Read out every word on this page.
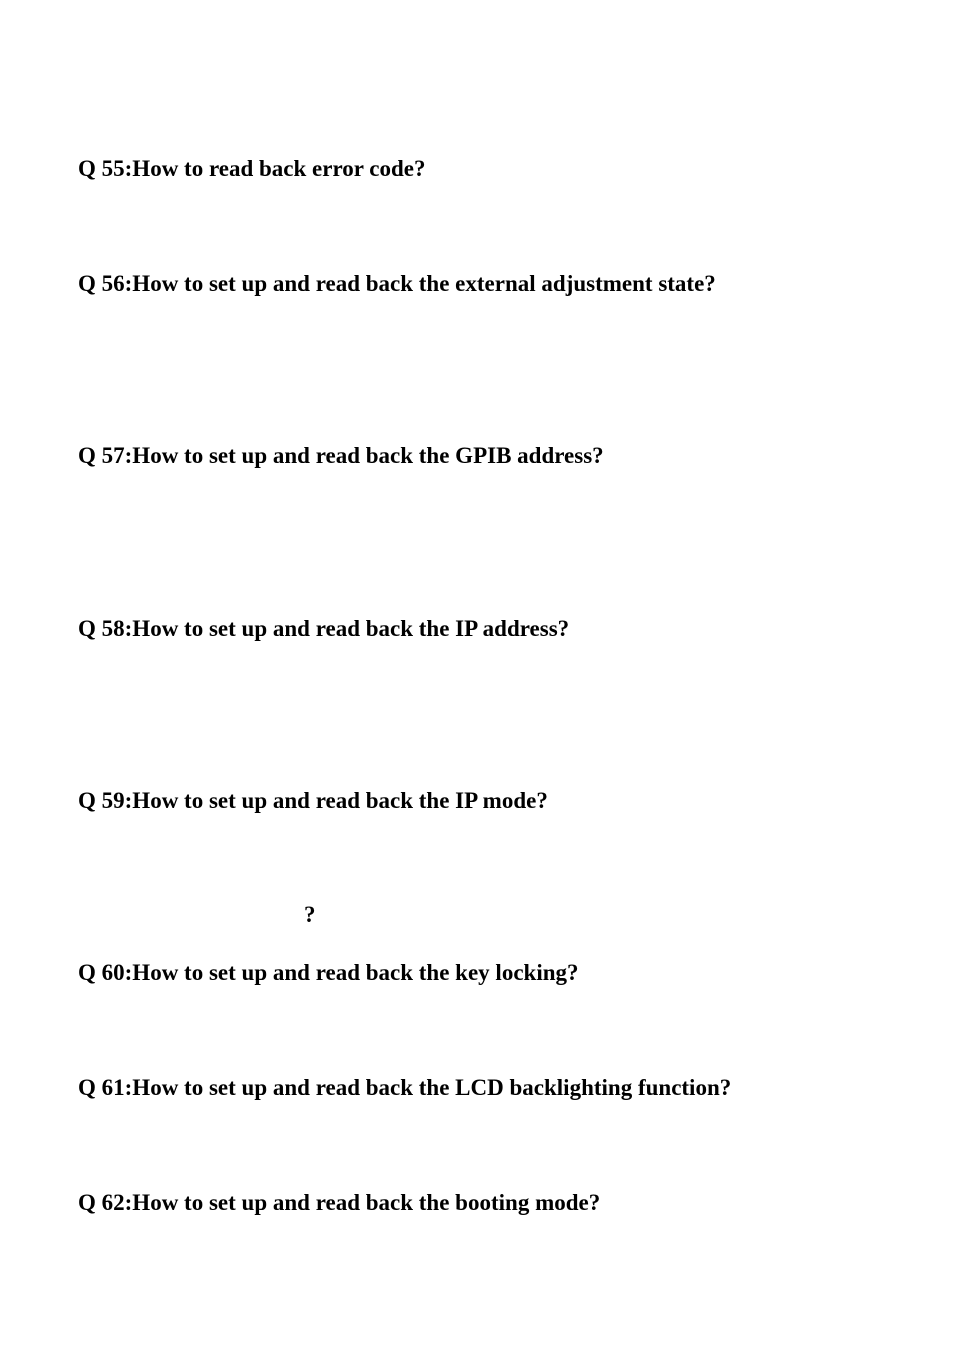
Q 55:How to read back error code?

Q 56:How to set up and read back the external adjustment state?

Q 57:How to set up and read back the GPIB address?

Q 58:How to set up and read back the IP address?

Q 59:How to set up and read back the IP mode?

?

Q 60:How to set up and read back the key locking?

Q 61:How to set up and read back the LCD backlighting function?

Q 62:How to set up and read back the booting mode?
